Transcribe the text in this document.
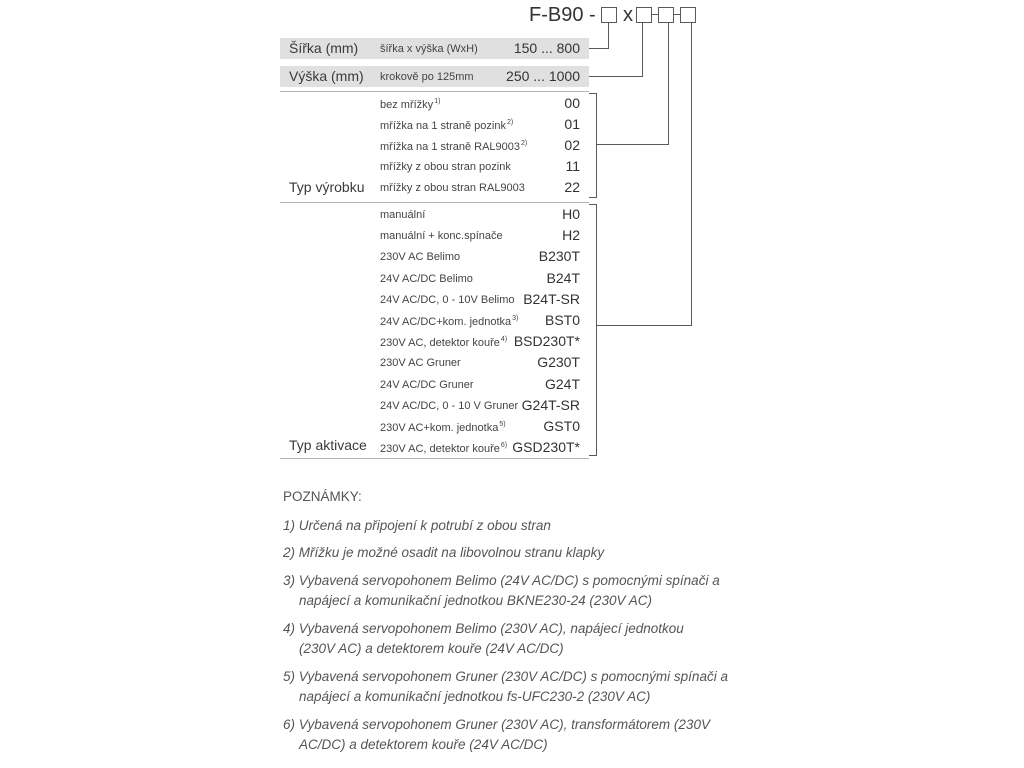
F-B90 - x
Šířka (mm) šířka x výška (WxH)	150 ... 800
Výška (mm) krokově po 125mm 250 ... 1000
Typ výrobku
bez mřížky$^{1)}$	00
mřížka na 1 straně pozink$^{2)}$	01
mřížka na 1 straně RAL9003$^{2)}$	02
mřížky z obou stran pozink	11
mřížky z obou stran RAL9003	22
Typ aktivace
manuální	H0
manuální + konc.spínače	H2
230V AC Belimo	B230T
24V AC/DC Belimo	B24T
24V AC/DC, 0 - 10V Belimo B24T-SR
24V AC/DC+kom. jednotka$^{3)}$ BST0
230V AC, detektor kouře$^{4)}$ BSD230T*
230V AC Gruner	G230T
24V AC/DC Gruner	G24T
24V AC/DC, 0 - 10 V Gruner G24T-SR
230V AC+kom. jednotka$^{5)}$	GST0
230V AC, detektor kouře$^{6)}$ GSD230T*
POZNÁMKY:
1) Určená na připojení k potrubí z obou stran
2) Mřížku je možné osadit na libovolnou stranu klapky
3) Vybavená servopohonem Belimo (24V AC/DC) s pomocnými spínači a
napájecí a komunikační jednotkou BKNE230-24 (230V AC)
4) Vybavená servopohonem Belimo (230V AC), napájecí jednotkou
(230V AC) a detektorem kouře (24V AC/DC)
5) Vybavená servopohonem Gruner (230V AC/DC) s pomocnými spínači a
napájecí a komunikační jednotkou fs-UFC230-2 (230V AC)
6) Vybavená servopohonem Gruner (230V AC), transformátorem (230V
AC/DC) a detektorem kouře (24V AC/DC)
